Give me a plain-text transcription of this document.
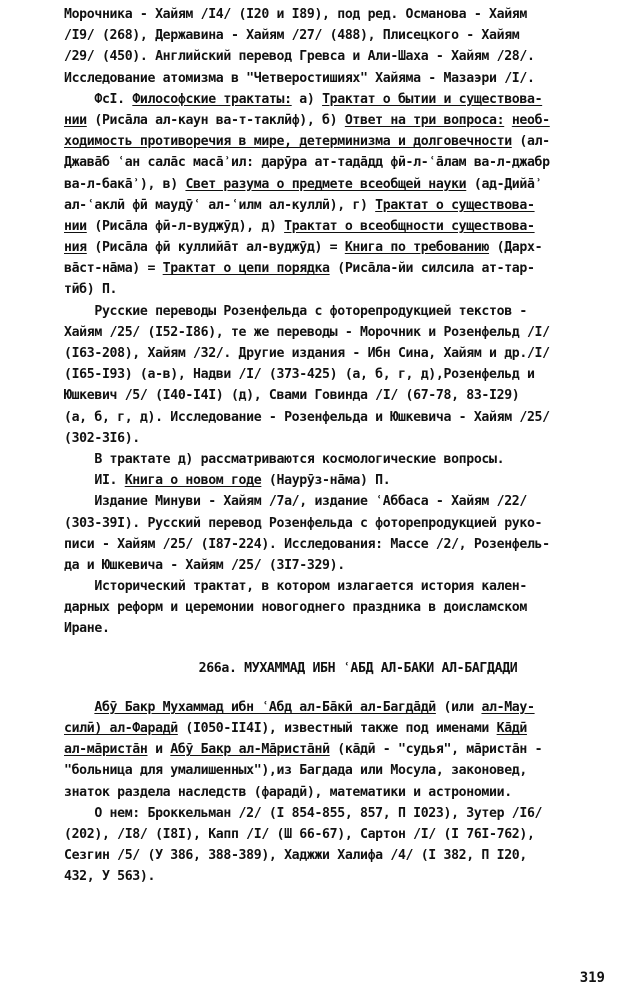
Морочника - Хайям /I4/ (I20 и I89), под ред. Османова - Хайям
/I9/ (268), Державина - Хайям /27/ (488), Плисецкого - Хайям
/29/ (450). Английский перевод Гревса и Али-Шаха - Хайям /28/.
Исследование атомизма в "Четверостишиях" Хайяма - Мазаэри /I/.
ФсI. Философские трактаты: а) Трактат о бытии и существова-
нии (Рисāла ал-каун ва-т-таклӣф), б) Ответ на три вопроса: необ-
ходимость противоречия в мире, детерминизма и долговечности (ал-
Джавāб ʿан салāс масāʾил: дарӯра ат-тадāдд фӣ-л-ʿāлам ва-л-джабр
ва-л-бакāʾ), в) Свет разума о предмете всеобщей науки (ад-Дийāʾ
ал-ʿаклӣ фӣ маудӯʿ ал-ʿилм ал-куллӣ), г) Трактат о существова-
нии (Рисāла фӣ-л-вуджӯд), д) Трактат о всеобщности существова-
ния (Рисāла фӣ куллийāт ал-вуджӯд) = Книга по требованию (Дарх-
вāст-нāма) = Трактат о цепи порядка (Рисāла-йи силсила ат-тар-
тӣб) П.
Русские переводы Розенфельда с фоторепродукцией текстов -
Хайям /25/ (I52-I86), те же переводы - Морочник и Розенфельд /I/
(I63-208), Хайям /32/. Другие издания - Ибн Сина, Хайям и др./I/
(I65-I93) (а-в), Надви /I/ (373-425) (а, б, г, д),Розенфельд и
Юшкевич /5/ (I40-I4I) (д), Свами Говинда /I/ (67-78, 83-I29)
(а, б, г, д). Исследование - Розенфельда и Юшкевича - Хайям /25/
(302-3I6).
В трактате д) рассматриваются космологические вопросы.
ИI. Книга о новом годе (Наурӯз-нāма) П.
Издание Минуви - Хайям /7а/, издание ʿАббаса - Хайям /22/
(303-39I). Русский перевод Розенфельда с фоторепродукцией руко-
писи - Хайям /25/ (I87-224). Исследования: Массе /2/, Розенфель-
да и Юшкевича - Хайям /25/ (3I7-329).
Исторический трактат, в котором излагается история кален-
дарных реформ и церемонии новогоднего праздника в доисламском
Иране.
266а. МУХАММАД ИБН ʿАБД АЛ-БАКИ АЛ-БАГДАДИ
Абӯ Бакр Мухаммад ибн ʿАбд ал-Бāкӣ ал-Багдāдӣ (или ал-Мау-
силӣ) ал-Фарадӣ (I050-II4I), известный также под именами Кāдӣ
ал-мāристāн и Абӯ Бакр ал-Мāристāнӣ (кāдӣ - "судья", мāристāн -
"больница для умалишенных"),из Багдада или Мосула, законовед,
знаток раздела наследств (фарадӣ), математики и астрономии.
О нем: Броккельман /2/ (I 854-855, 857, П I023), Зутер /I6/
(202), /I8/ (I8I), Капп /I/ (Ш 66-67), Сартон /I/ (I 76I-762),
Сезгин /5/ (У 386, 388-389), Хаджжи Халифа /4/ (I 382, П I20,
432, У 563).
319
